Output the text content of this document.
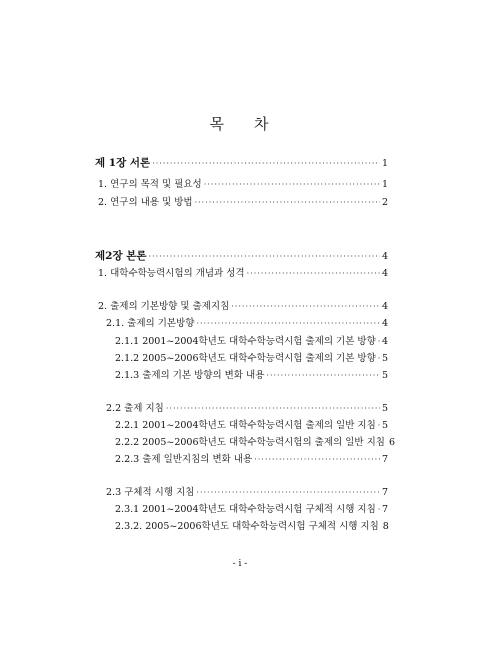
목 차
제 1장 서론 ·····	1
1. 연구의 목적 및 필요성 ·····	1
2. 연구의 내용 및 방법 ·····	2
제2장 본론 ·····	4
1. 대학수학능력시험의 개념과 성격 ·····	4
2. 출제의 기본방향 및 출제지침 ·····	4
2.1. 출제의 기본방향 ·····	4
2.1.1 2001~2004학년도 대학수학능력시험 출제의 기본 방향 ····· 4
2.1.2 2005~2006학년도 대학수학능력시험 출제의 기본 방향 ····· 5
2.1.3 출제의 기본 방향의 변화 내용 ·····	5
2.2 출제 지침 ·····	5
2.2.1 2001~2004학년도 대학수학능력시험 출제의 일반 지침 ····· 5
2.2.2 2005~2006학년도 대학수학능력시험의 출제의 일반 지침 6
2.2.3 출제 일반지침의 변화 내용 ·····	7
2.3 구체적 시행 지침 ·····	7
2.3.1 2001~2004학년도 대학수학능력시험 구체적 시행 지침 ····· 7
2.3.2. 2005~2006학년도 대학수학능력시험 구체적 시행 지침 8
- i -
